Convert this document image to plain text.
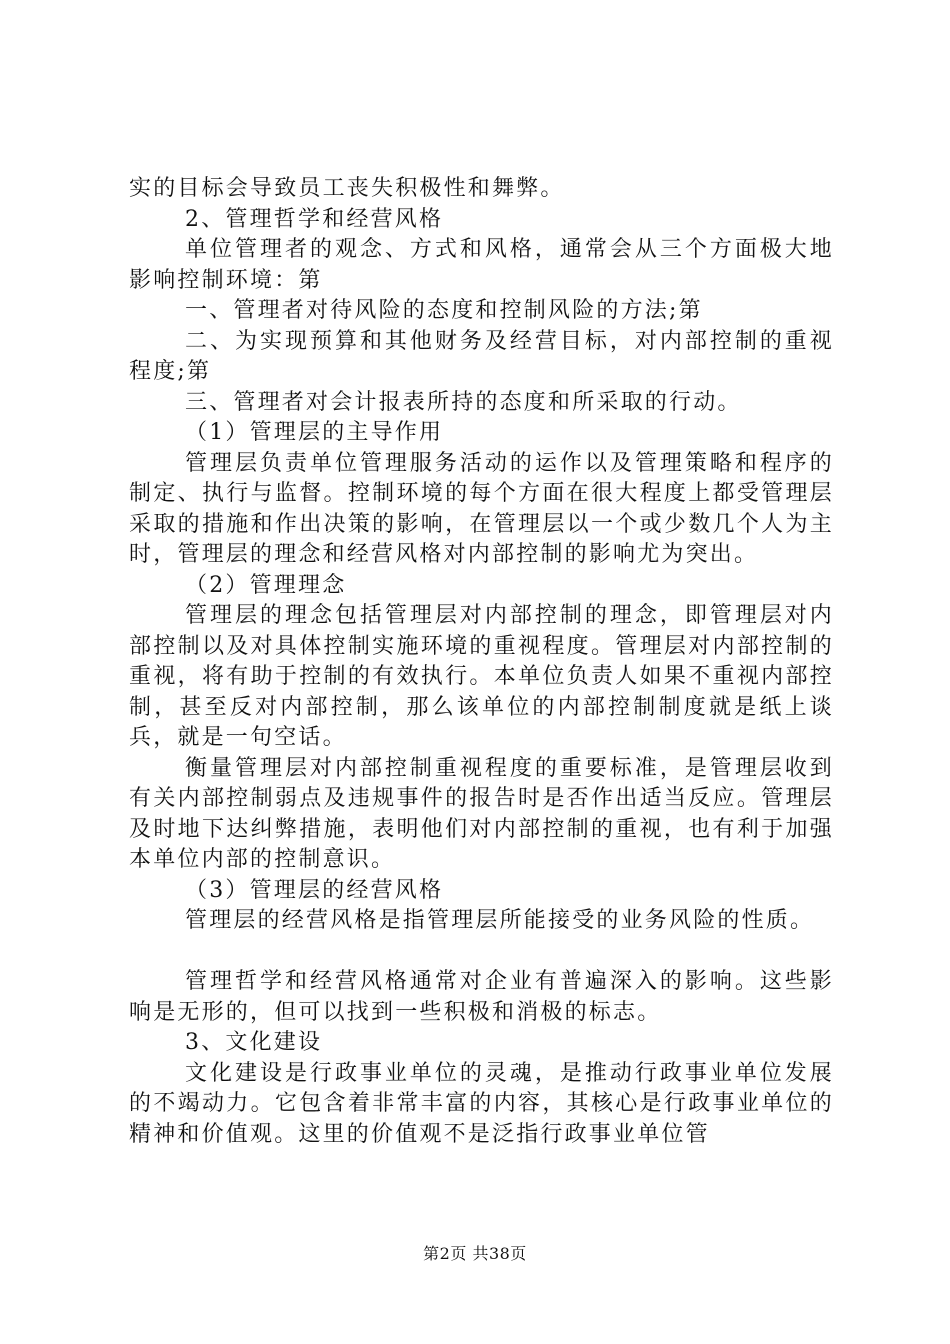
实的目标会导致员工丧失积极性和舞弊。

2、管理哲学和经营风格

单位管理者的观念、方式和风格，通常会从三个方面极大地影响控制环境：第

一、管理者对待风险的态度和控制风险的方法;第

二、为实现预算和其他财务及经营目标，对内部控制的重视程度;第

三、管理者对会计报表所持的态度和所采取的行动。

（1）管理层的主导作用

管理层负责单位管理服务活动的运作以及管理策略和程序的制定、执行与监督。控制环境的每个方面在很大程度上都受管理层采取的措施和作出决策的影响，在管理层以一个或少数几个人为主时，管理层的理念和经营风格对内部控制的影响尤为突出。

（2）管理理念

管理层的理念包括管理层对内部控制的理念，即管理层对内部控制以及对具体控制实施环境的重视程度。管理层对内部控制的重视，将有助于控制的有效执行。本单位负责人如果不重视内部控制，甚至反对内部控制，那么该单位的内部控制制度就是纸上谈兵，就是一句空话。

衡量管理层对内部控制重视程度的重要标准，是管理层收到有关内部控制弱点及违规事件的报告时是否作出适当反应。管理层及时地下达纠弊措施，表明他们对内部控制的重视，也有利于加强本单位内部的控制意识。

（3）管理层的经营风格

管理层的经营风格是指管理层所能接受的业务风险的性质。

管理哲学和经营风格通常对企业有普遍深入的影响。这些影响是无形的，但可以找到一些积极和消极的标志。

3、文化建设

文化建设是行政事业单位的灵魂，是推动行政事业单位发展的不竭动力。它包含着非常丰富的内容，其核心是行政事业单位的精神和价值观。这里的价值观不是泛指行政事业单位管

第2页 共38页
